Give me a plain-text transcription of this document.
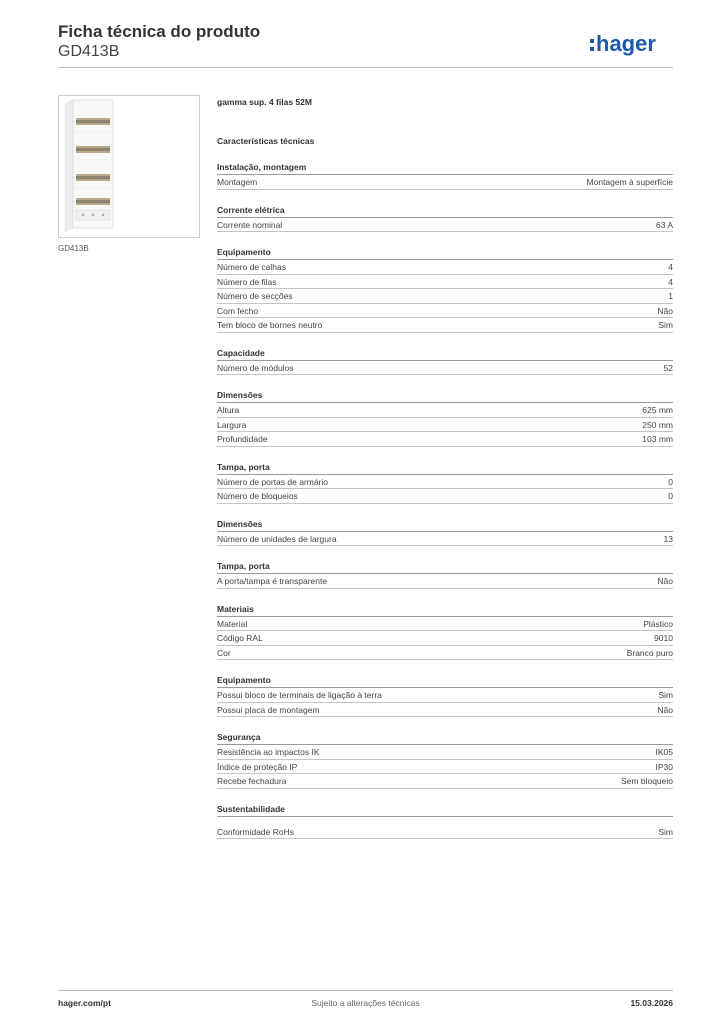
Ficha técnica do produto
GD413B	hager
GD413B
gamma sup. 4 filas 52M
Características técnicas
Instalação, montagem
Montagem	Montagem à superfície
Corrente elétrica
Corrente nominal	63 A
Equipamento
Número de calhas	4
Número de filas	4
Número de secções	1
Com fecho	Não
Tem bloco de bornes neutro	Sim
Capacidade
Número de módulos	52
Dimensões
Altura	625 mm
Largura	250 mm
Profundidade	103 mm
Tampa, porta
Número de portas de armário	0
Número de bloqueios	0
Dimensões
Número de unidades de largura	13
Tampa, porta
A porta/tampa é transparente	Não
Materiais
Material	Plástico
Código RAL	9010
Cor	Branco puro
Equipamento
Possui bloco de terminais de ligação à terra	Sim
Possui placa de montagem	Não
Segurança
Resistência ao impactos IK	IK05
Índice de proteção IP	IP30
Recebe fechadura	Sem bloqueio
Sustentabilidade
Conformidade RoHs	Sim
hager.com/pt	Sujeito a alterações técnicas	15.03.2026
